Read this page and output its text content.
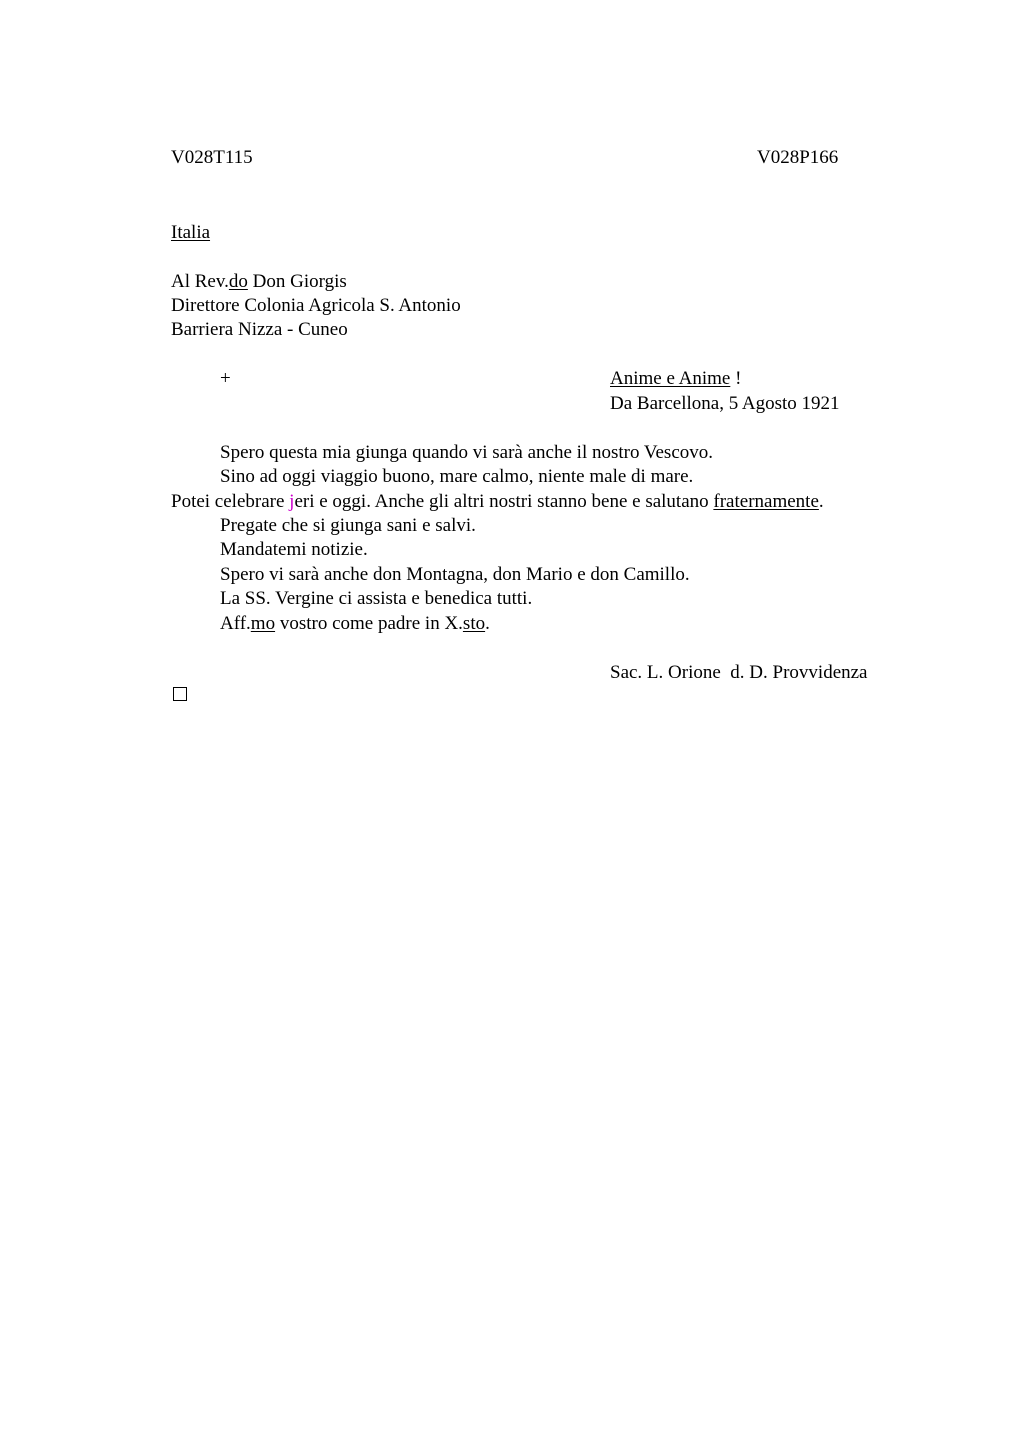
V028T115	V028P166
Italia
Al Rev.do Don Giorgis
Direttore Colonia Agricola S. Antonio
Barriera Nizza - Cuneo
+	Anime e Anime !
Da Barcellona, 5 Agosto 1921
Spero questa mia giunga quando vi sarà anche il nostro Vescovo.
Sino ad oggi viaggio buono, mare calmo, niente male di mare.
Potei celebrare jeri e oggi. Anche gli altri nostri stanno bene e salutano fraternamente.
Pregate che si giunga sani e salvi.
Mandatemi notizie.
Spero vi sarà anche don Montagna, don Mario e don Camillo.
La SS. Vergine ci assista e benedica tutti.
Aff.mo vostro come padre in X.sto.
Sac. L. Orione  d. D. Provvidenza
